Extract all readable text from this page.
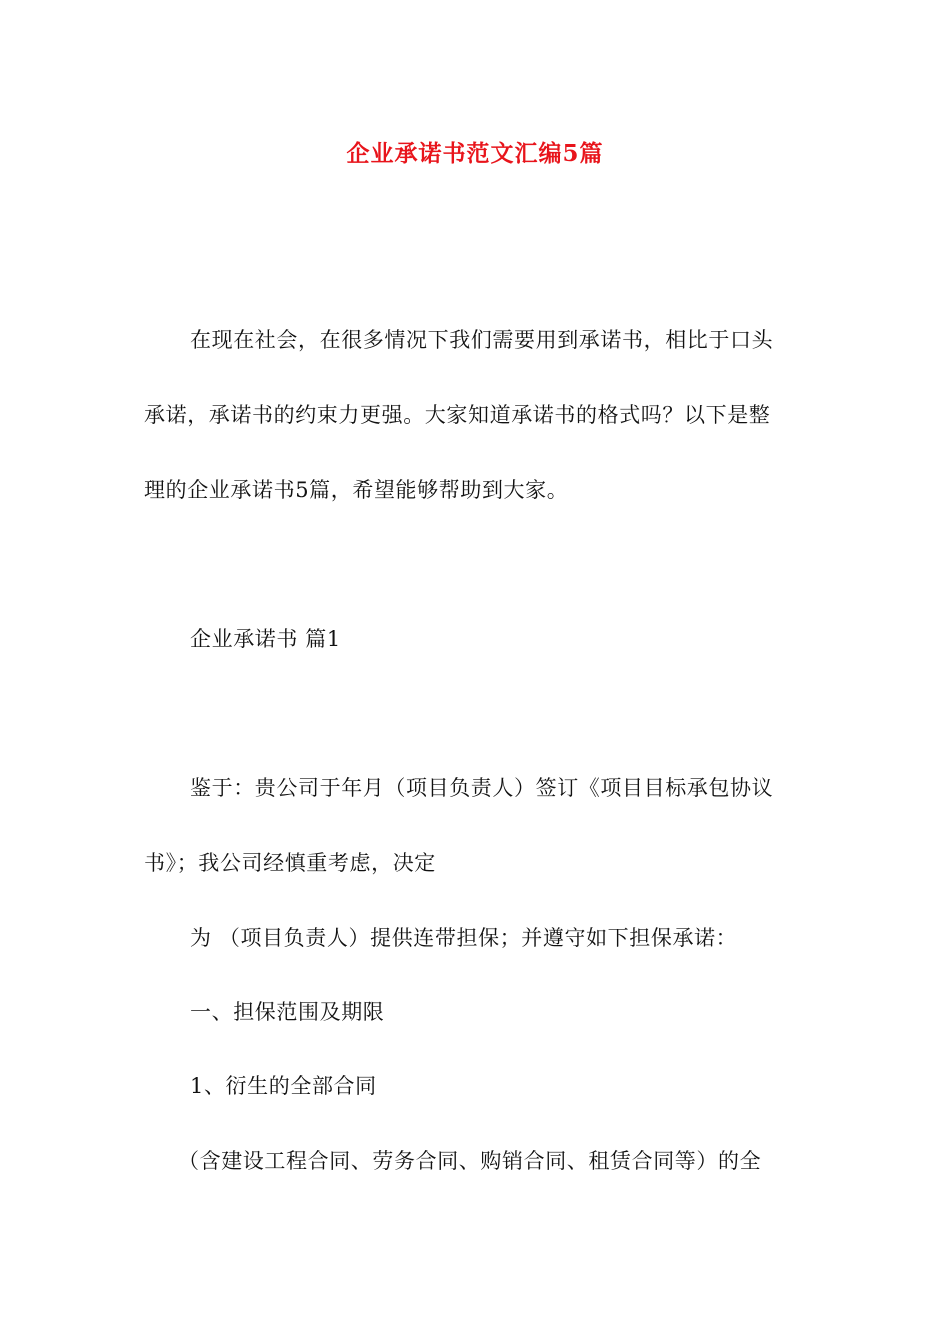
企业承诺书范文汇编5篇
在现在社会，在很多情况下我们需要用到承诺书，相比于口头
承诺，承诺书的约束力更强。大家知道承诺书的格式吗？以下是整
理的企业承诺书5篇，希望能够帮助到大家。
企业承诺书 篇1
鉴于：贵公司于年月（项目负责人）签订《项目目标承包协议
书》；我公司经慎重考虑，决定
为 （项目负责人）提供连带担保；并遵守如下担保承诺：
一、担保范围及期限
1、衍生的全部合同
（含建设工程合同、劳务合同、购销合同、租赁合同等）的全
